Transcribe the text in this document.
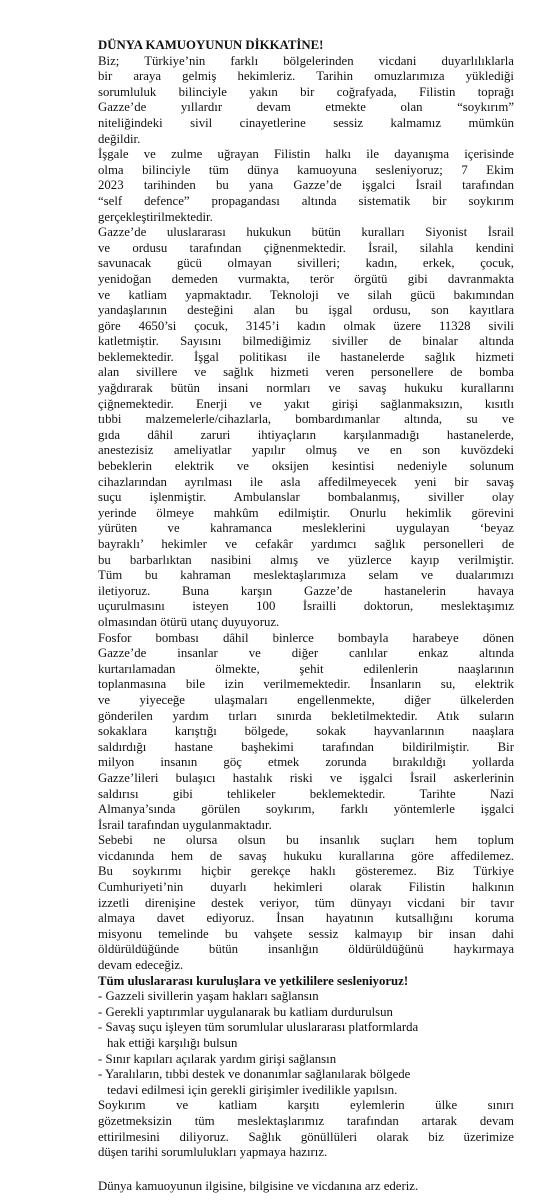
DÜNYA KAMUOYUNUN DİKKATİNE!

Biz; Türkiye’nin farklı bölgelerinden vicdani duyarlılıklarla
bir araya gelmiş hekimleriz. Tarihin omuzlarımıza yüklediği
sorumluluk bilinciyle yakın bir coğrafyada, Filistin toprağı
Gazze’de yıllardır devam etmekte olan “soykırım”
niteliğindeki sivil cinayetlerine sessiz kalmamız mümkün
değildir.

İşgale ve zulme uğrayan Filistin halkı ile dayanışma içerisinde
olma bilinciyle tüm dünya kamuoyuna sesleniyoruz; 7 Ekim
2023 tarihinden bu yana Gazze’de işgalci İsrail tarafından
“self defence” propagandası altında sistematik bir soykırım
gerçekleştirilmektedir.

Gazze’de uluslararası hukukun bütün kuralları Siyonist İsrail
ve ordusu tarafından çiğnenmektedir. İsrail, silahla kendini
savunacak gücü olmayan sivilleri; kadın, erkek, çocuk,
yenidoğan demeden vurmakta, terör örgütü gibi davranmakta
ve katliam yapmaktadır. Teknoloji ve silah gücü bakımından
yandaşlarının desteğini alan bu işgal ordusu, son kayıtlara
göre 4650’si çocuk, 3145’i kadın olmak üzere 11328 sivili
katletmiştir. Sayısını bilmediğimiz siviller de binalar altında
beklemektedir. İşgal politikası ile hastanelerde sağlık hizmeti
alan sivillere ve sağlık hizmeti veren personellere de bomba
yağdırarak bütün insani normları ve savaş hukuku kurallarını
çiğnemektedir. Enerji ve yakıt girişi sağlanmaksızın, kısıtlı
tıbbi malzemelerle/cihazlarla, bombardımanlar altında, su ve
gıda dâhil zaruri ihtiyaçların karşılanmadığı hastanelerde,
anestezisiz ameliyatlar yapılır olmuş ve en son kuvözdeki
bebeklerin elektrik ve oksijen kesintisi nedeniyle solunum
cihazlarından ayrılması ile asla affedilmeyecek yeni bir savaş
suçu işlenmiştir. Ambulanslar bombalanmış, siviller olay
yerinde ölmeye mahkûm edilmiştir. Onurlu hekimlik görevini
yürüten ve kahramanca mesleklerini uygulayan ‘beyaz
bayraklı’ hekimler ve cefakâr yardımcı sağlık personelleri de
bu barbarlıktan nasibini almış ve yüzlerce kayıp verilmiştir.
Tüm bu kahraman meslektaşlarımıza selam ve dualarımızı
iletiyoruz. Buna karşın Gazze’de hastanelerin havaya
uçurulmasını isteyen 100 İsrailli doktorun, meslektaşımız
olmasından ötürü utanç duyuyoruz.

Fosfor bombası dâhil binlerce bombayla harabeye dönen
Gazze’de insanlar ve diğer canlılar enkaz altında
kurtarılamadan ölmekte, şehit edilenlerin naaşlarının
toplanmasına bile izin verilmemektedir. İnsanların su, elektrik
ve yiyeceğe ulaşmaları engellenmekte, diğer ülkelerden
gönderilen yardım tırları sınırda bekletilmektedir. Atık suların
sokaklara karıştığı bölgede, sokak hayvanlarının naaşlara
saldırdığı hastane başhekimi tarafından bildirilmiştir. Bir
milyon insanın göç etmek zorunda bırakıldığı yollarda
Gazze’lileri bulaşıcı hastalık riski ve işgalci İsrail askerlerinin
saldırısı gibi tehlikeler beklemektedir. Tarihte Nazi
Almanya’sında görülen soykırım, farklı yöntemlerle işgalci
İsrail tarafından uygulanmaktadır.

Sebebi ne olursa olsun bu insanlık suçları hem toplum
vicdanında hem de savaş hukuku kurallarına göre affedilemez.
Bu soykırımı hiçbir gerekçe haklı gösteremez. Biz Türkiye
Cumhuriyeti’nin duyarlı hekimleri olarak Filistin halkının
izzetli direnişine destek veriyor, tüm dünyayı vicdani bir tavır
almaya davet ediyoruz. İnsan hayatının kutsallığını koruma
misyonu temelinde bu vahşete sessiz kalmayıp bir insan dahi
öldürüldüğünde bütün insanlığın öldürüldüğünü haykırmaya
devam edeceğiz.

Tüm uluslararası kuruluşlara ve yetkililere sesleniyoruz!

- Gazzeli sivillerin yaşam hakları sağlansın
- Gerekli yaptırımlar uygulanarak bu katliam durdurulsun
- Savaş suçu işleyen tüm sorumlular uluslararası platformlarda
hak ettiği karşılığı bulsun
- Sınır kapıları açılarak yardım girişi sağlansın
- Yaralıların, tıbbi destek ve donanımlar sağlanılarak bölgede
tedavi edilmesi için gerekli girişimler ivedilikle yapılsın.

Soykırım ve katliam karşıtı eylemlerin ülke sınırı
gözetmeksizin tüm meslektaşlarımız tarafından artarak devam
ettirilmesini diliyoruz. Sağlık gönüllüleri olarak biz üzerimize
düşen tarihi sorumlulukları yapmaya hazırız.

Dünya kamuoyunun ilgisine, bilgisine ve vicdanına arz ederiz.
